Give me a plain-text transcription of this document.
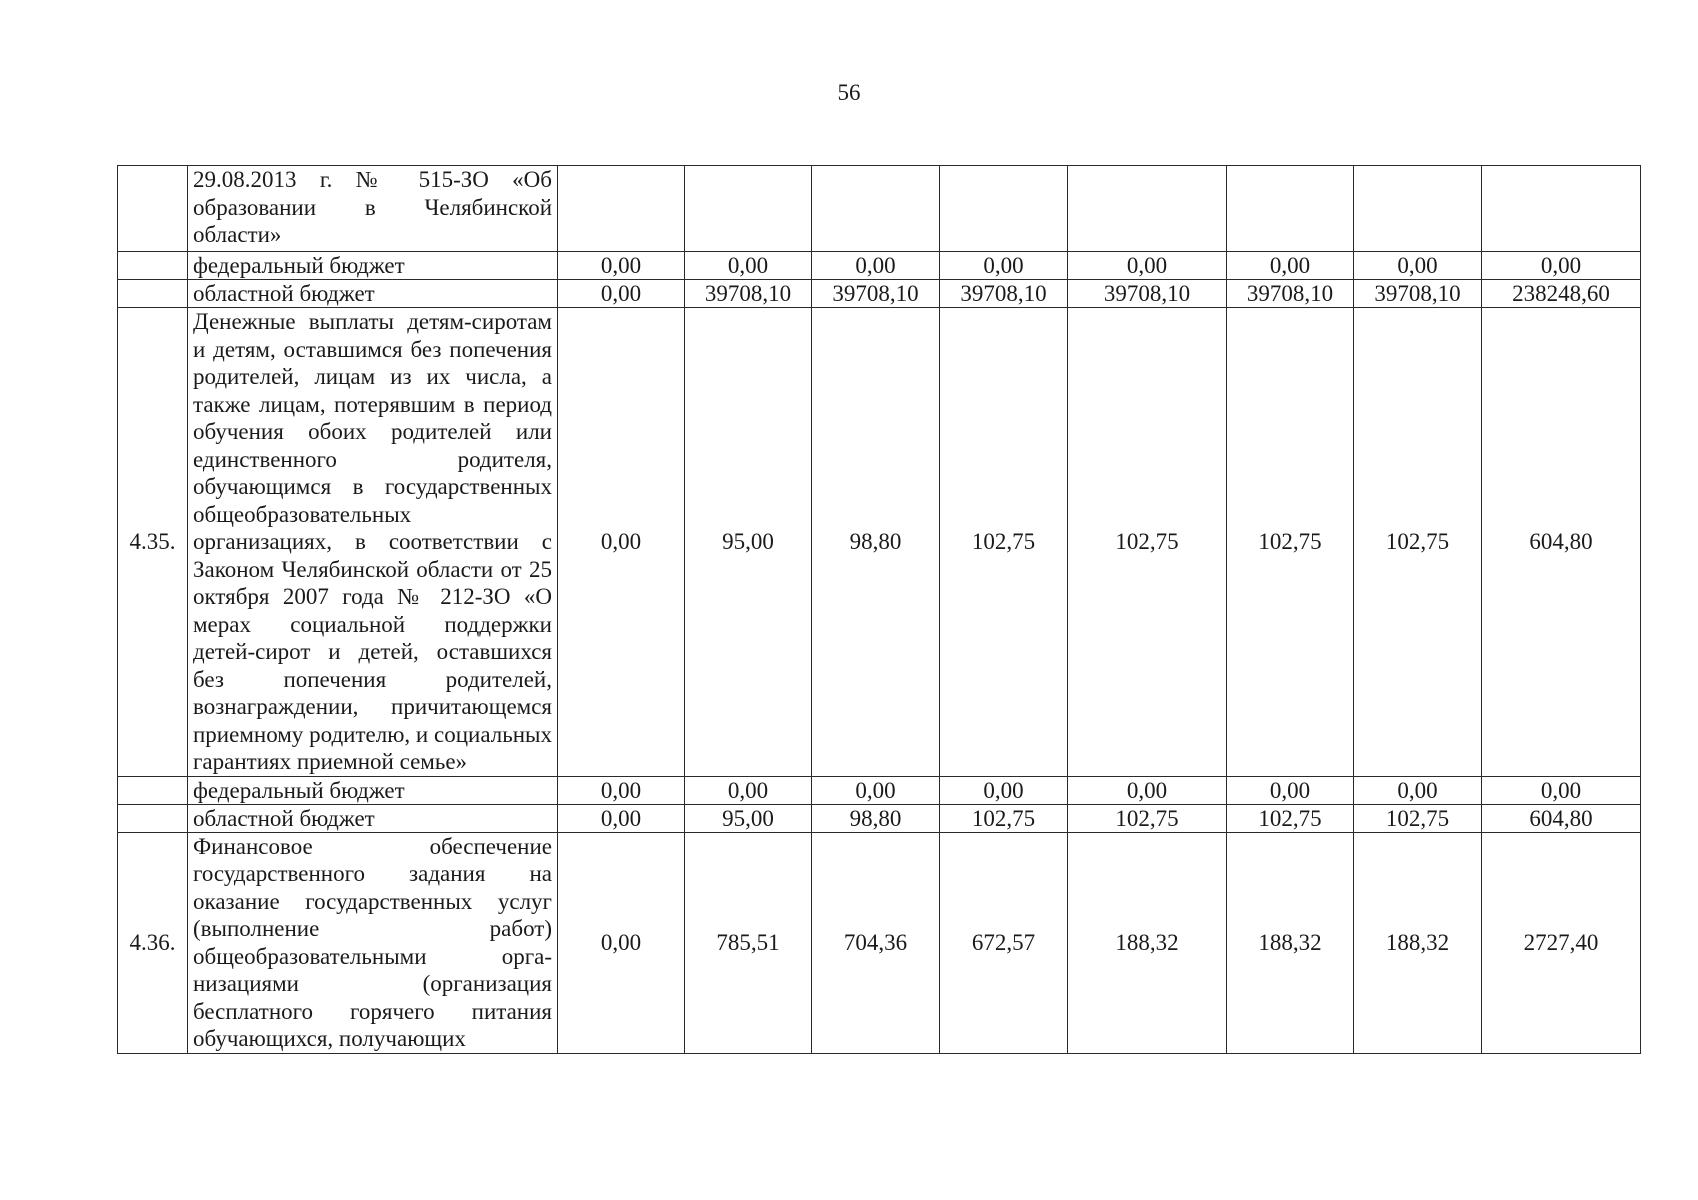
56
	29.08.2013 г. № 515-ЗО «Об образовании в Челябинской области»								
	федеральный бюджет	0,00	0,00	0,00	0,00	0,00	0,00	0,00	0,00
	областной бюджет	0,00	39708,10	39708,10	39708,10	39708,10	39708,10	39708,10	238248,60
4.35.	Денежные выплаты детям-сиротам и детям, оставшимся без попечения родителей, лицам из их числа, а также лицам, потерявшим в период обучения обоих родителей или единственного родителя, обучающимся в государственных общеобразовательных организациях, в соответствии с Законом Челябинской области от 25 октября 2007 года № 212-ЗО «О мерах социальной поддержки детей-сирот и детей, оставшихся без попечения родителей, вознаграждении, причитающемся приемному родителю, и социальных гарантиях приемной семье»	0,00	95,00	98,80	102,75	102,75	102,75	102,75	604,80
	федеральный бюджет	0,00	0,00	0,00	0,00	0,00	0,00	0,00	0,00
	областной бюджет	0,00	95,00	98,80	102,75	102,75	102,75	102,75	604,80
4.36.	Финансовое обеспечение государственного задания на оказание государственных услуг (выполнение работ) общеобразовательными орга-низациями (организация бесплатного горячего питания обучающихся, получающих	0,00	785,51	704,36	672,57	188,32	188,32	188,32	2727,40
